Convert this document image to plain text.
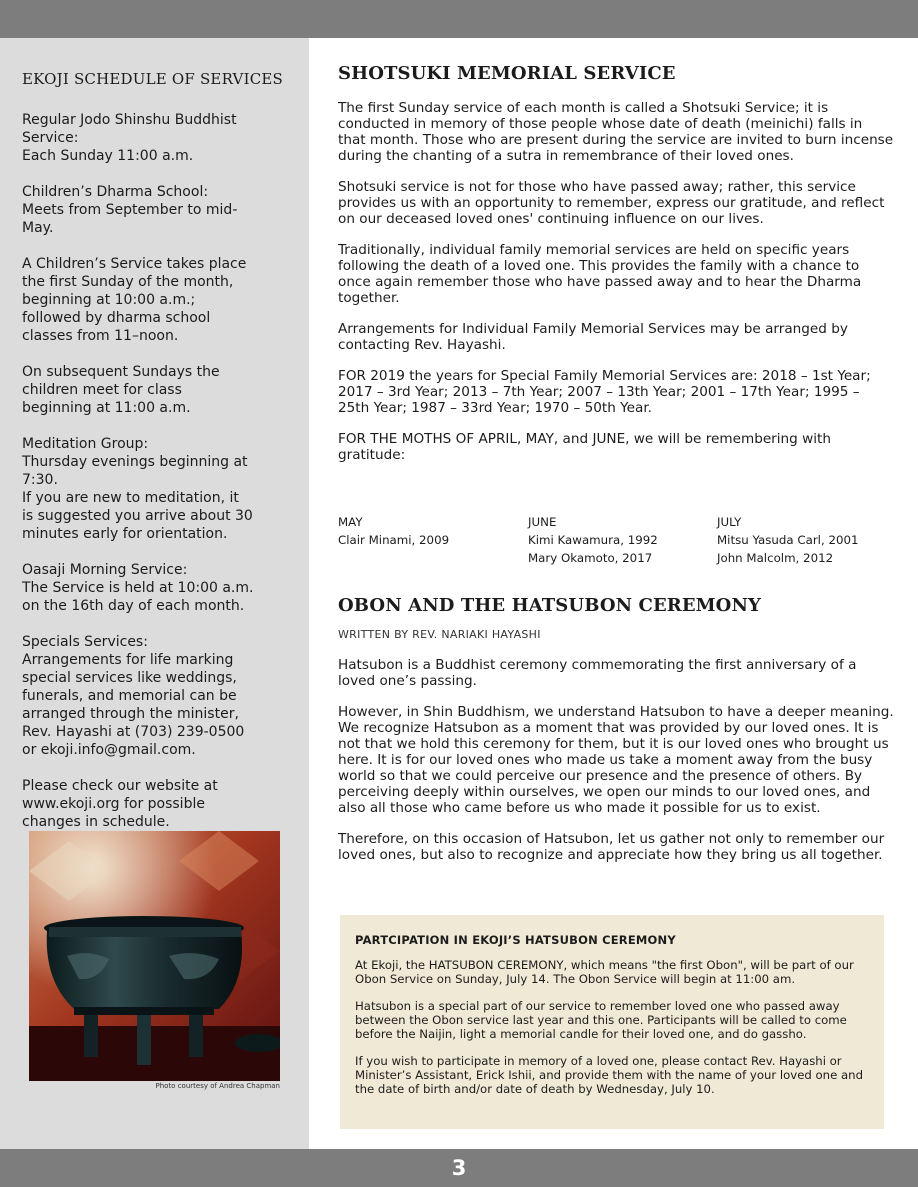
EKOJI SCHEDULE OF SERVICES

Regular Jodo Shinshu Buddhist
Service:
Each Sunday 11:00 a.m.

Children’s Dharma School:
Meets from September to mid-
May.

A Children’s Service takes place
the first Sunday of the month,
beginning at 10:00 a.m.;
followed by dharma school
classes from 11–noon.

On subsequent Sundays the
children meet for class
beginning at 11:00 a.m.

Meditation Group:
Thursday evenings beginning at
7:30.
If you are new to meditation, it
is suggested you arrive about 30
minutes early for orientation.

Oasaji Morning Service:
The Service is held at 10:00 a.m.
on the 16th day of each month.

Specials Services:
Arrangements for life marking
special services like weddings,
funerals, and memorial can be
arranged through the minister,
Rev. Hayashi at (703) 239-0500
or ekoji.info@gmail.com.

Please check our website at
www.ekoji.org for possible
changes in schedule.

Photo courtesy of Andrea Chapman
SHOTSUKI MEMORIAL SERVICE

The first Sunday service of each month is called a Shotsuki Service; it is conducted in memory of those people whose date of death (meinichi) falls in that month. Those who are present during the service are invited to burn incense during the chanting of a sutra in remembrance of their loved ones.

Shotsuki service is not for those who have passed away; rather, this service provides us with an opportunity to remember, express our gratitude, and reflect on our deceased loved ones' continuing influence on our lives.

Traditionally, individual family memorial services are held on specific years following the death of a loved one. This provides the family with a chance to once again remember those who have passed away and to hear the Dharma together.

Arrangements for Individual Family Memorial Services may be arranged by contacting Rev. Hayashi.

FOR 2019 the years for Special Family Memorial Services are: 2018 – 1st Year; 2017 – 3rd Year; 2013 – 7th Year; 2007 – 13th Year; 2001 – 17th Year; 1995 – 25th Year; 1987 – 33rd Year; 1970 – 50th Year.

FOR THE MOTHS OF APRIL, MAY, and JUNE, we will be remembering with gratitude:

MAY
Clair Minami, 2009
JUNE
Kimi Kawamura, 1992
Mary Okamoto, 2017
JULY
Mitsu Yasuda Carl, 2001
John Malcolm, 2012
OBON AND THE HATSUBON CEREMONY
WRITTEN BY REV. NARIAKI HAYASHI

Hatsubon is a Buddhist ceremony commemorating the first anniversary of a loved one’s passing.

However, in Shin Buddhism, we understand Hatsubon to have a deeper meaning. We recognize Hatsubon as a moment that was provided by our loved ones. It is not that we hold this ceremony for them, but it is our loved ones who brought us here. It is for our loved ones who made us take a moment away from the busy world so that we could perceive our presence and the presence of others. By perceiving deeply within ourselves, we open our minds to our loved ones, and also all those who came before us who made it possible for us to exist.

Therefore, on this occasion of Hatsubon, let us gather not only to remember our loved ones, but also to recognize and appreciate how they bring us all together.

PARTCIPATION IN EKOJI’S HATSUBON CEREMONY

At Ekoji, the HATSUBON CEREMONY, which means "the first Obon", will be part of our Obon Service on Sunday, July 14. The Obon Service will begin at 11:00 am.

Hatsubon is a special part of our service to remember loved one who passed away between the Obon service last year and this one. Participants will be called to come before the Naijin, light a memorial candle for their loved one, and do gassho.

If you wish to participate in memory of a loved one, please contact Rev. Hayashi or Minister’s Assistant, Erick Ishii, and provide them with the name of your loved one and the date of birth and/or date of death by Wednesday, July 10.

3
